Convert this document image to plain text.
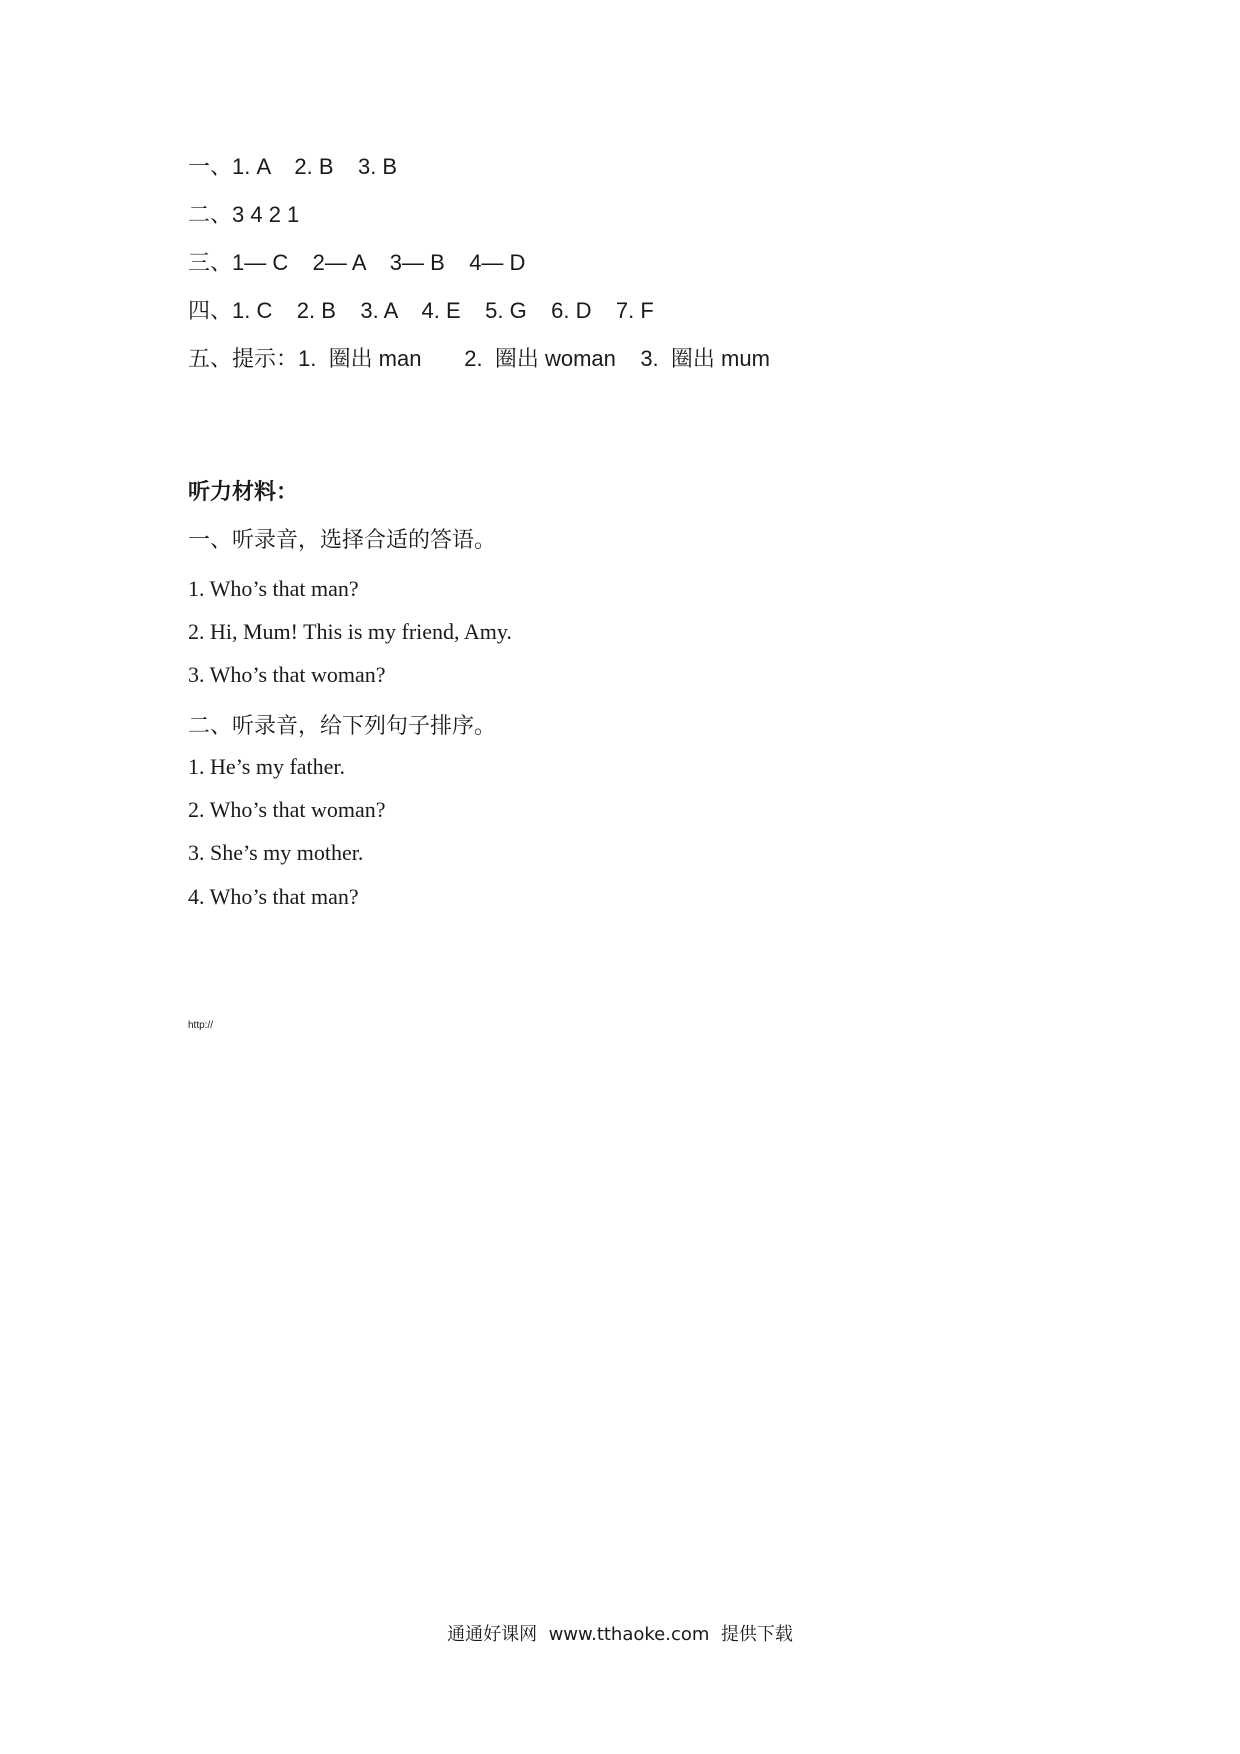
一、1. A    2. B    3. B
二、3 4 2 1
三、1— C    2— A    3— B    4— D
四、1. C    2. B    3. A    4. E    5. G    6. D    7. F
五、提示：1.  圈出 man       2.  圈出 woman    3.  圈出 mum
听力材料：
一、听录音，选择合适的答语。
1. Who’s that man?
2. Hi, Mum! This is my friend, Amy.
3. Who’s that woman?
二、听录音，给下列句子排序。
1. He’s my father.
2. Who’s that woman?
3. She’s my mother.
4. Who’s that man?
http://
通通好课网  www.tthaoke.com  提供下载
